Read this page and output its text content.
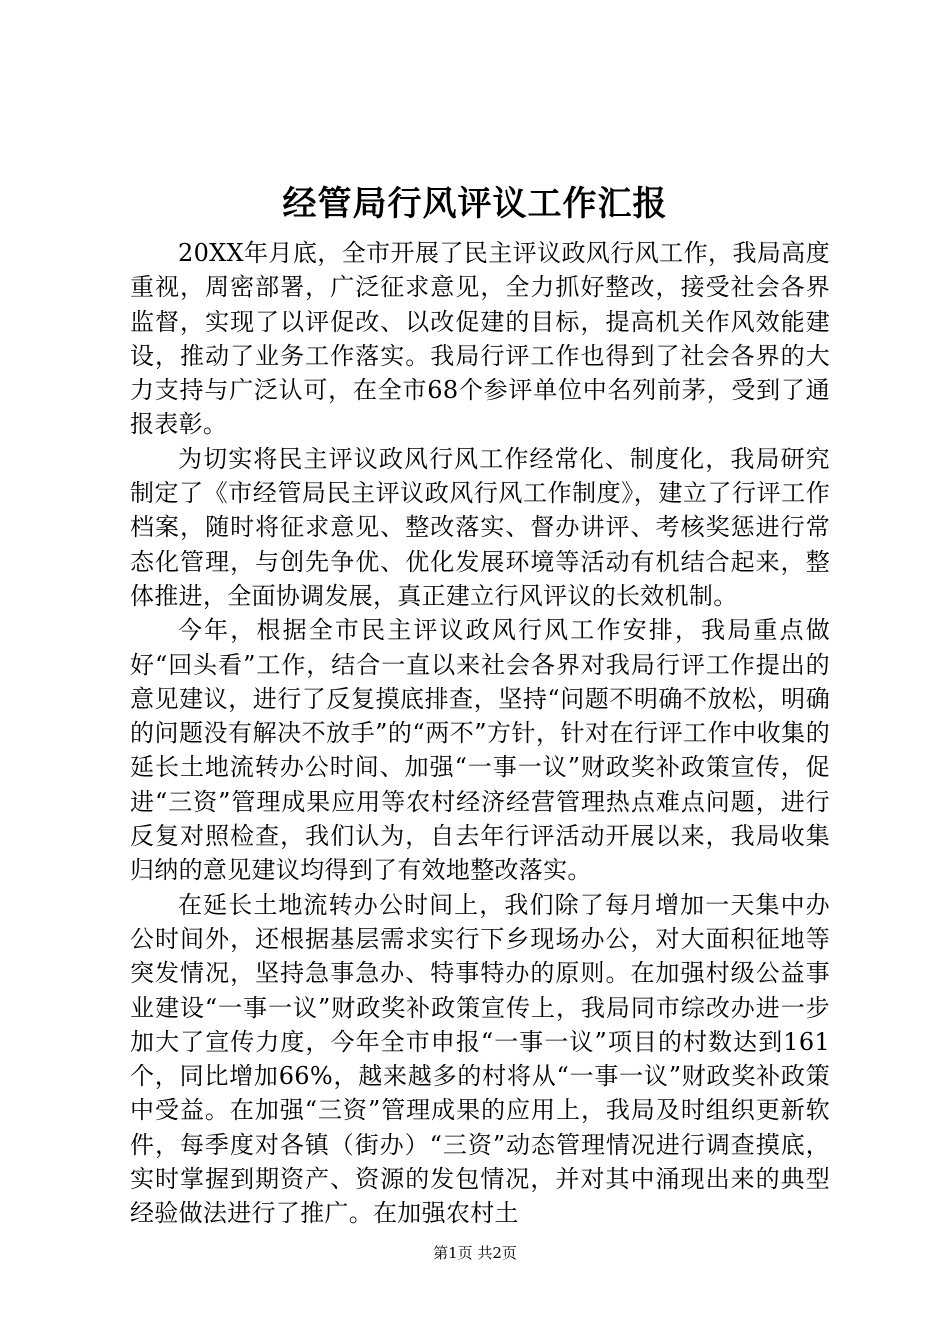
经管局行风评议工作汇报

20XX年月底，全市开展了民主评议政风行风工作，我局高度重视，周密部署，广泛征求意见，全力抓好整改，接受社会各界监督，实现了以评促改、以改促建的目标，提高机关作风效能建设，推动了业务工作落实。我局行评工作也得到了社会各界的大力支持与广泛认可，在全市68个参评单位中名列前茅，受到了通报表彰。

为切实将民主评议政风行风工作经常化、制度化，我局研究制定了《市经管局民主评议政风行风工作制度》，建立了行评工作档案，随时将征求意见、整改落实、督办讲评、考核奖惩进行常态化管理，与创先争优、优化发展环境等活动有机结合起来，整体推进，全面协调发展，真正建立行风评议的长效机制。

今年，根据全市民主评议政风行风工作安排，我局重点做好“回头看”工作，结合一直以来社会各界对我局行评工作提出的意见建议，进行了反复摸底排查，坚持“问题不明确不放松，明确的问题没有解决不放手”的“两不”方针，针对在行评工作中收集的延长土地流转办公时间、加强“一事一议”财政奖补政策宣传，促进“三资”管理成果应用等农村经济经营管理热点难点问题，进行反复对照检查，我们认为，自去年行评活动开展以来，我局收集归纳的意见建议均得到了有效地整改落实。

在延长土地流转办公时间上，我们除了每月增加一天集中办公时间外，还根据基层需求实行下乡现场办公，对大面积征地等突发情况，坚持急事急办、特事特办的原则。在加强村级公益事业建设“一事一议”财政奖补政策宣传上，我局同市综改办进一步加大了宣传力度，今年全市申报“一事一议”项目的村数达到161个，同比增加66%，越来越多的村将从“一事一议”财政奖补政策中受益。在加强“三资”管理成果的应用上，我局及时组织更新软件，每季度对各镇（街办）“三资”动态管理情况进行调查摸底，实时掌握到期资产、资源的发包情况，并对其中涌现出来的典型经验做法进行了推广。在加强农村土

第1页 共2页
